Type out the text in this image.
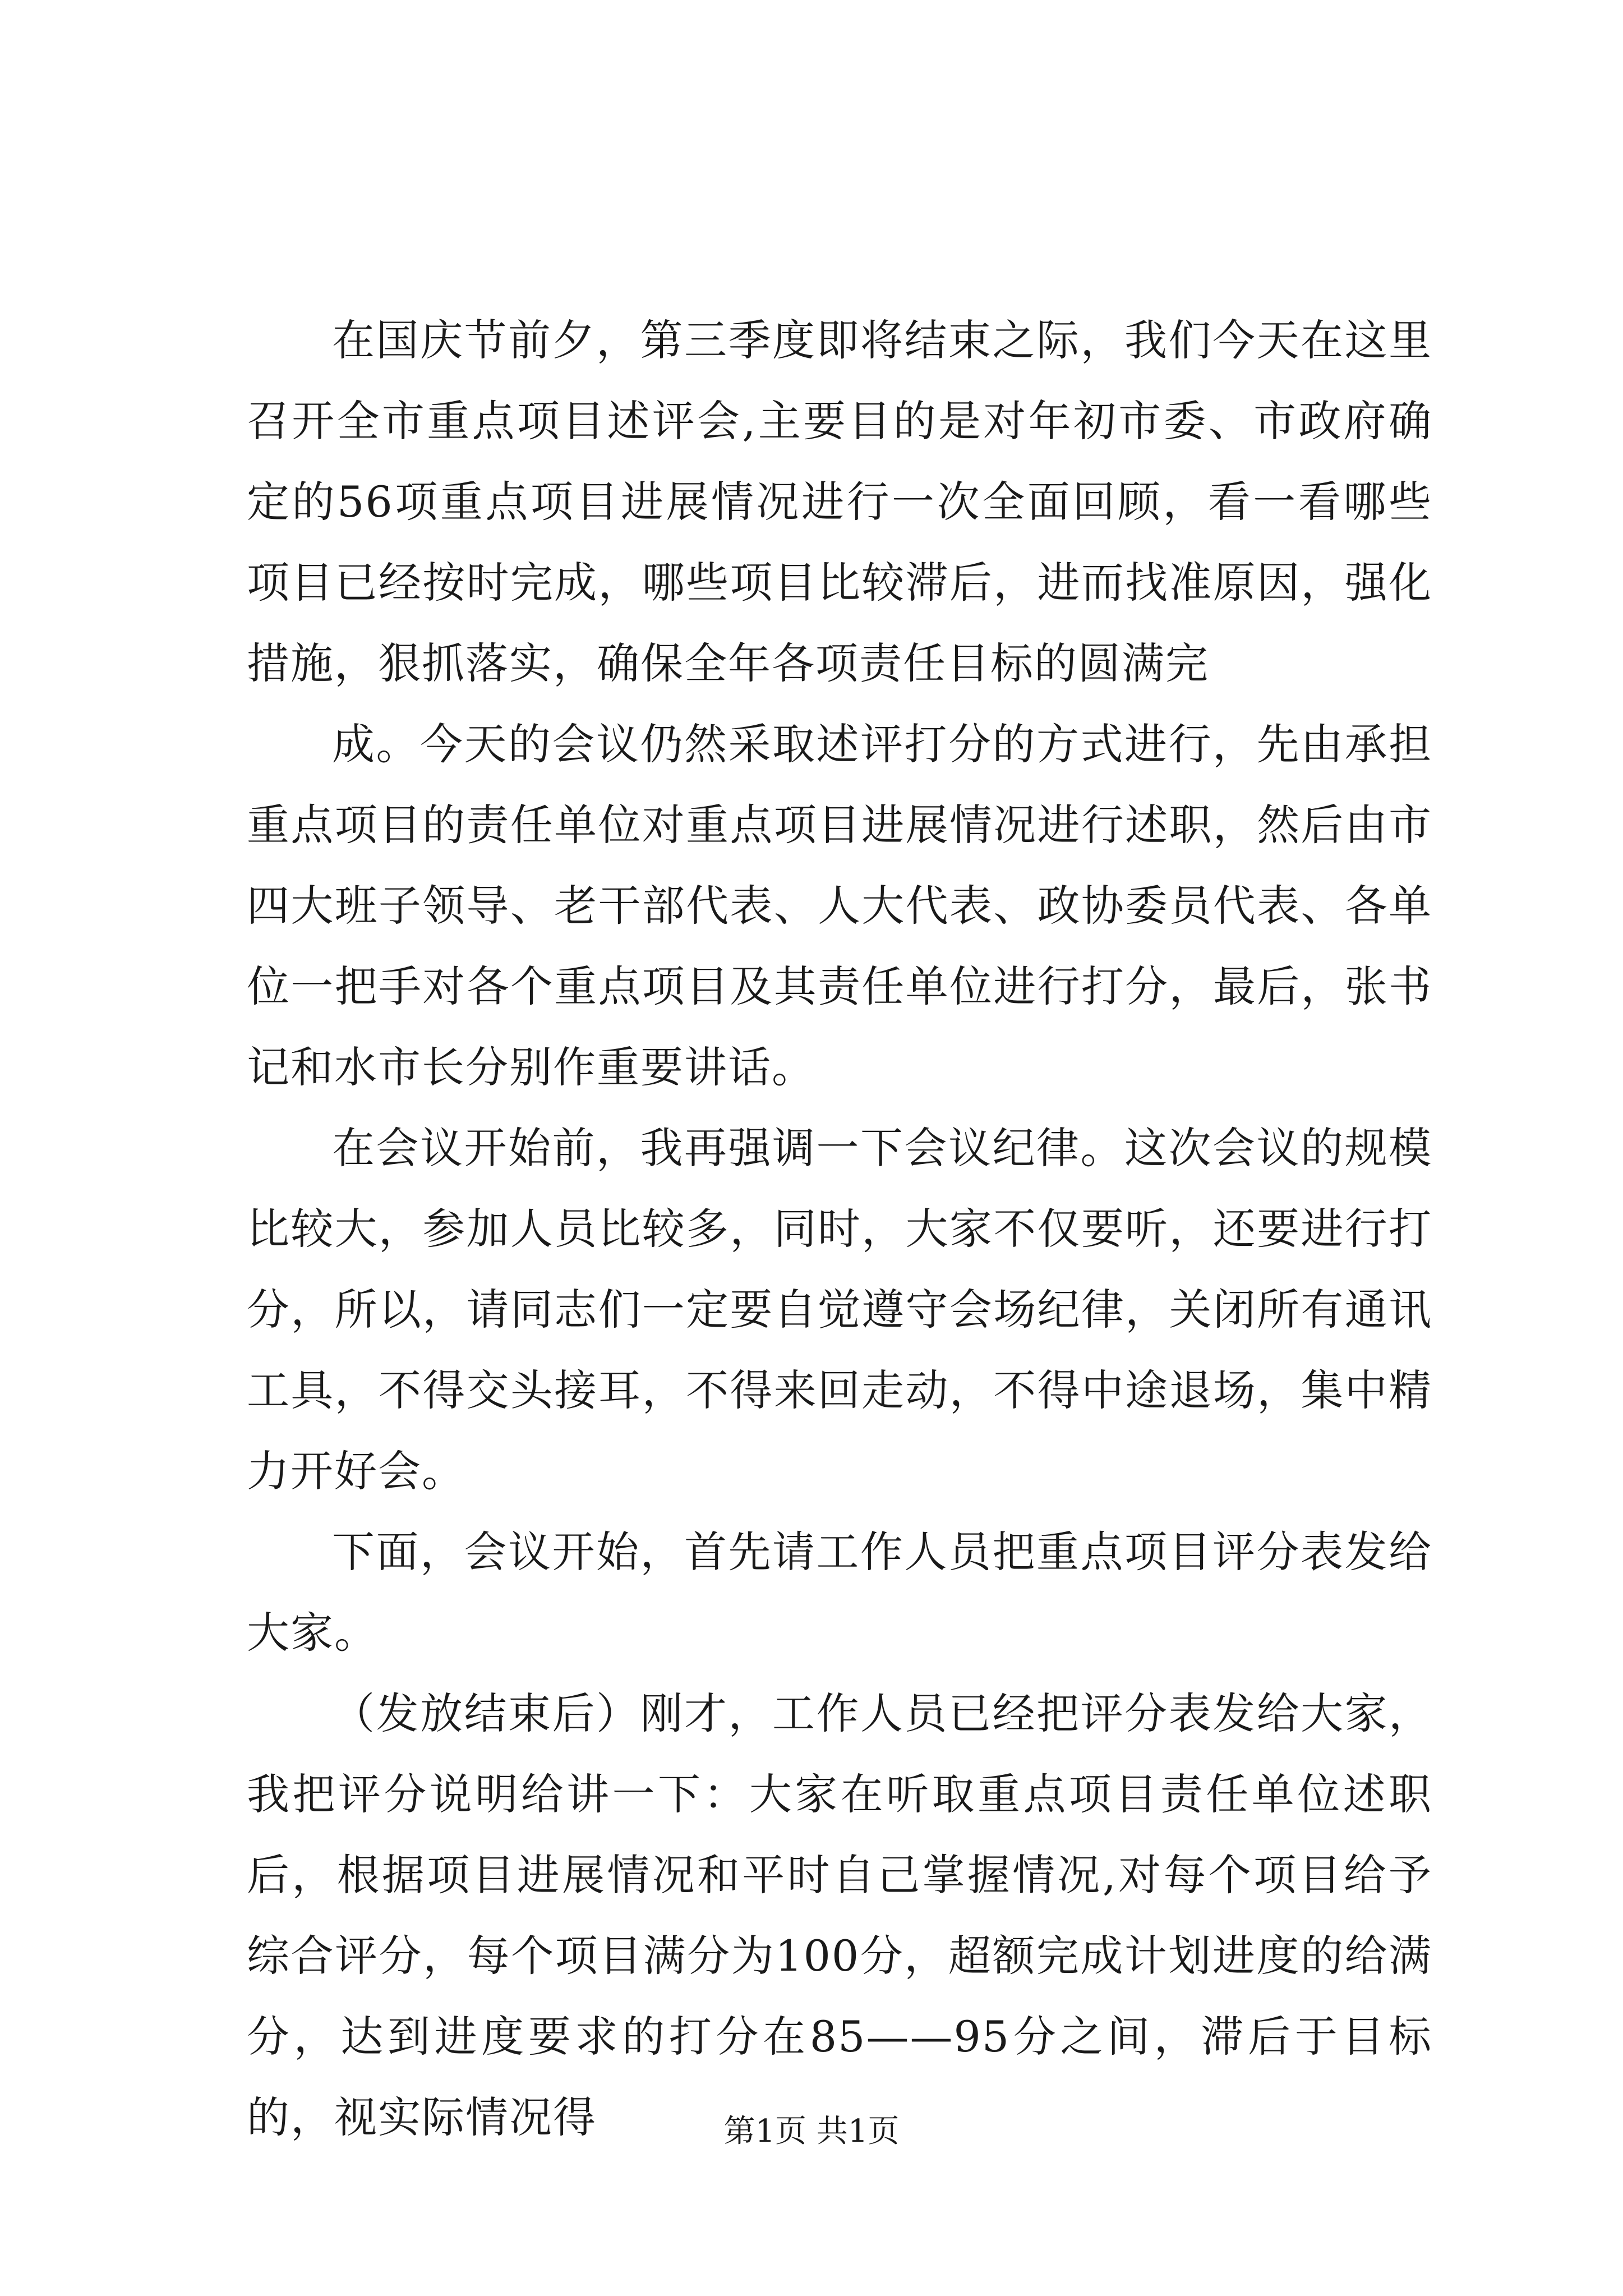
在国庆节前夕，第三季度即将结束之际，我们今天在这里召开全市重点项目述评会,主要目的是对年初市委、市政府确定的56项重点项目进展情况进行一次全面回顾，看一看哪些项目已经按时完成，哪些项目比较滞后，进而找准原因，强化措施，狠抓落实，确保全年各项责任目标的圆满完

成。今天的会议仍然采取述评打分的方式进行，先由承担重点项目的责任单位对重点项目进展情况进行述职，然后由市四大班子领导、老干部代表、人大代表、政协委员代表、各单位一把手对各个重点项目及其责任单位进行打分，最后，张书记和水市长分别作重要讲话。

在会议开始前，我再强调一下会议纪律。这次会议的规模比较大，参加人员比较多，同时，大家不仅要听，还要进行打分，所以，请同志们一定要自觉遵守会场纪律，关闭所有通讯工具，不得交头接耳，不得来回走动，不得中途退场，集中精力开好会。

下面，会议开始，首先请工作人员把重点项目评分表发给大家。

（发放结束后）刚才，工作人员已经把评分表发给大家，我把评分说明给讲一下：大家在听取重点项目责任单位述职后，根据项目进展情况和平时自己掌握情况,对每个项目给予综合评分，每个项目满分为100分，超额完成计划进度的给满分，达到进度要求的打分在85——95分之间，滞后于目标的，视实际情况得	第1页 共1页
